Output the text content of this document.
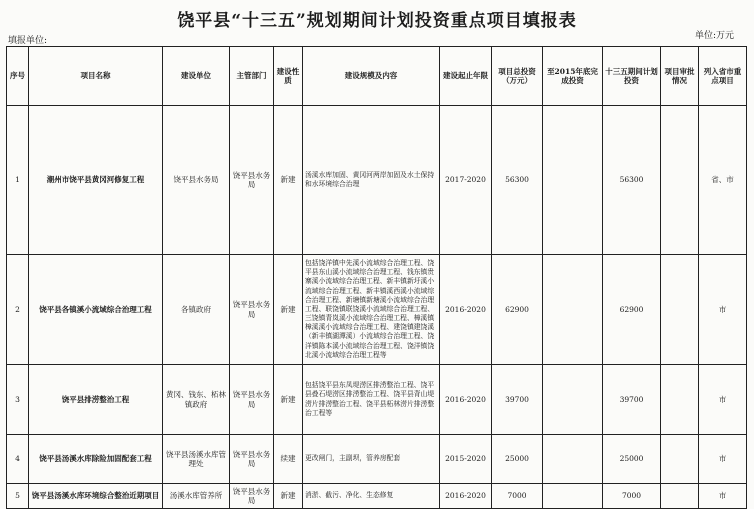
饶平县“十三五”规划期间计划投资重点项目填报表
单位:万元
填报单位:
序号	项目名称	建设单位	主管部门	建设性质	建设规模及内容	建设起止年限	项目总投资（万元）	至2015年底完成投资	十三五期间计划投资	项目审批情况	列入省市重点项目
1	潮州市饶平县黄冈河修复工程	饶平县水务局	饶平县水务局	新建	汤溪水库加固、黄冈河两岸加固及水土保持和水环境综合治理	2017-2020	56300		56300		省、市
2	饶平县各镇溪小流域综合治理工程	各镇政府	饶平县水务局	新建	包括饶洋镇中先溪小流域综合治理工程、饶平县东山溪小流域综合治理工程、钱东镇贵寨溪小流域综合治理工程、新丰镇新圩溪小流域综合治理工程、新丰镇溪西溪小流域综合治理工程、新塘镇新塘溪小流域综合治理工程、联饶镇联饶溪小流域综合治理工程、三饶镇青岚溪小流域综合治理工程、樟溪镇樟溪溪小流域综合治理工程、建饶镇建饶溪（新丰镇湖潭溪）小流域综合治理工程、饶洋镇陈本溪小流域综合治理工程、饶洋镇饶北溪小流域综合治理工程等	2016-2020	62900		62900		市
3	饶平县排涝整治工程	黄冈、钱东、柘林镇政府	饶平县水务局	新建	包括饶平县东凤堤涝区排涝整治工程、饶平县叠石堤涝区排涝整治工程、饶平县背山堤涝片排涝整治工程、饶平县柘林涝片排涝整治工程等	2016-2020	39700		39700		市
4	饶平县汤溪水库除险加固配套工程	饶平县汤溪水库管理处	饶平县水务局	续建	更改闸门，主副坝，管养房配套	2015-2020	25000		25000		市
5	饶平县汤溪水库环境综合整治近期项目	汤溪水库管养所	饶平县水务局	新建	消淤、截污、净化、生态修复	2016-2020	7000		7000		市
